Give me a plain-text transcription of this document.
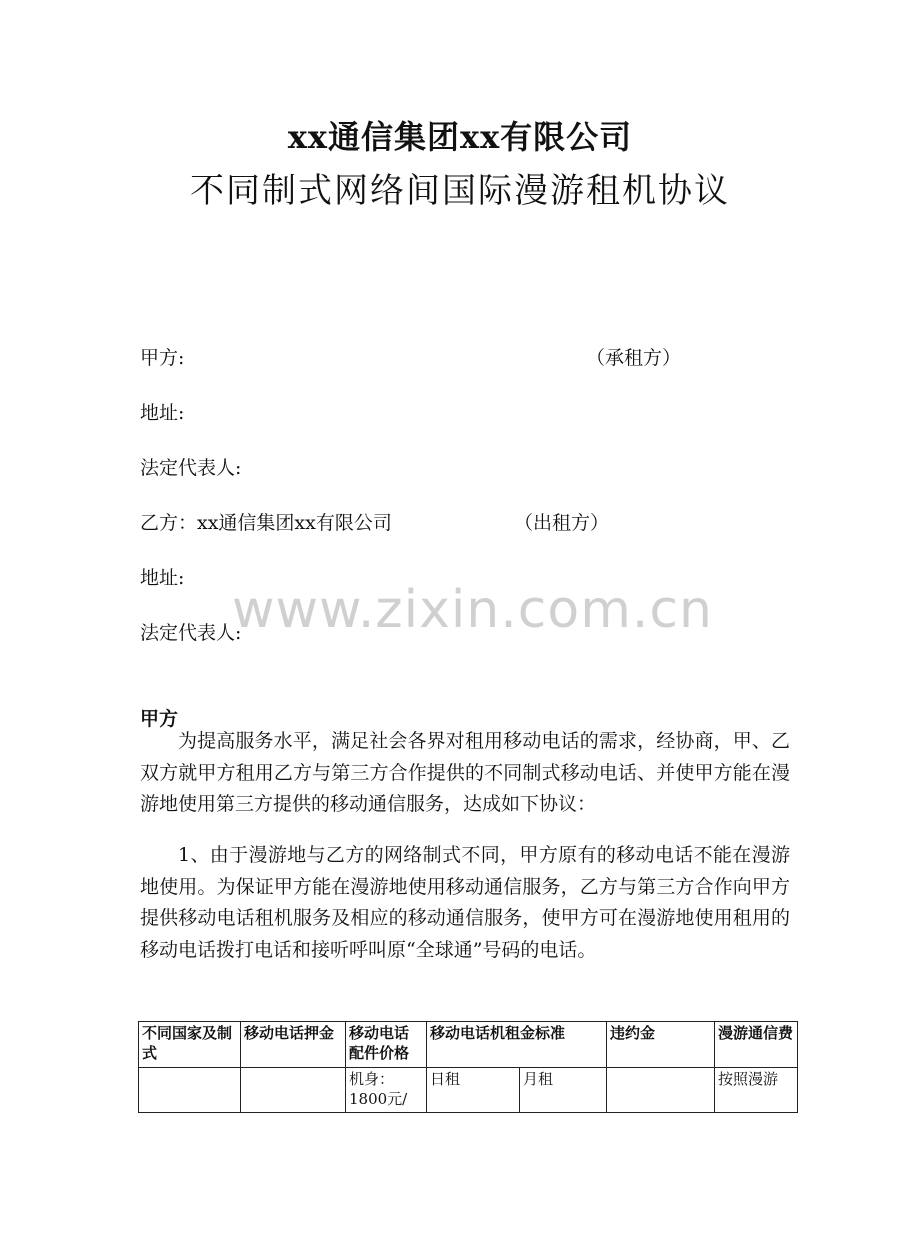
xx通信集团xx有限公司
不同制式网络间国际漫游租机协议
甲方:	（承租方）
地址:
法定代表人:
乙方：xx通信集团xx有限公司	（出租方）
地址:
法定代表人:
www.zixin.com.cn
甲方

为提高服务水平，满足社会各界对租用移动电话的需求，经协商，甲、乙双方就甲方租用乙方与第三方合作提供的不同制式移动电话、并使甲方能在漫游地使用第三方提供的移动通信服务，达成如下协议：

1、由于漫游地与乙方的网络制式不同，甲方原有的移动电话不能在漫游地使用。为保证甲方能在漫游地使用移动通信服务，乙方与第三方合作向甲方提供移动电话租机服务及相应的移动通信服务，使甲方可在漫游地使用租用的移动电话拨打电话和接听呼叫原“全球通”号码的电话。

不同国家及制式	移动电话押金	移动电话配件价格	移动电话机租金标准		违约金	漫游通信费
		机身：1800元/	日租	月租		按照漫游
